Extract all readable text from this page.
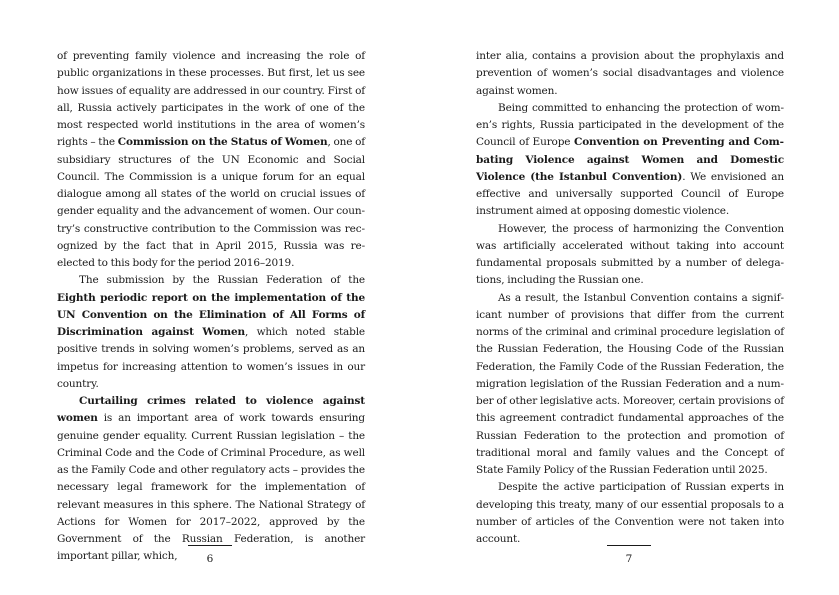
of preventing family violence and increasing the role of public organizations in these processes. But first, let us see how issues of equality are addressed in our country. First of all, Russia actively participates in the work of one of the most respected world institutions in the area of women’s rights – the Commission on the Status of Women, one of subsidiary structures of the UN Economic and Social Council. The Commission is a unique forum for an equal dialogue among all states of the world on crucial issues of gender equality and the advancement of women. Our country’s constructive contribution to the Commission was recognized by the fact that in April 2015, Russia was re-elected to this body for the period 2016–2019.

The submission by the Russian Federation of the Eighth periodic report on the implementation of the UN Convention on the Elimination of All Forms of Discrimination against Women, which noted stable positive trends in solving women’s problems, served as an impetus for increasing attention to women’s issues in our country.

Curtailing crimes related to violence against women is an important area of work towards ensuring genuine gender equality. Current Russian legislation – the Criminal Code and the Code of Criminal Procedure, as well as the Family Code and other regulatory acts – provides the necessary legal framework for the implementation of relevant measures in this sphere. The National Strategy of Actions for Women for 2017–2022, approved by the Government of the Russian Federation, is another important pillar, which,	6

inter alia, contains a provision about the prophylaxis and prevention of women’s social disadvantages and violence against women.

Being committed to enhancing the protection of women’s rights, Russia participated in the development of the Council of Europe Convention on Preventing and Combating Violence against Women and Domestic Violence (the Istanbul Convention). We envisioned an effective and universally supported Council of Europe instrument aimed at opposing domestic violence.

However, the process of harmonizing the Convention was artificially accelerated without taking into account fundamental proposals submitted by a number of delegations, including the Russian one.

As a result, the Istanbul Convention contains a significant number of provisions that differ from the current norms of the criminal and criminal procedure legislation of the Russian Federation, the Housing Code of the Russian Federation, the Family Code of the Russian Federation, the migration legislation of the Russian Federation and a number of other legislative acts. Moreover, certain provisions of this agreement contradict fundamental approaches of the Russian Federation to the protection and promotion of traditional moral and family values and the Concept of State Family Policy of the Russian Federation until 2025.

Despite the active participation of Russian experts in developing this treaty, many of our essential proposals to a number of articles of the Convention were not taken into account.

7
